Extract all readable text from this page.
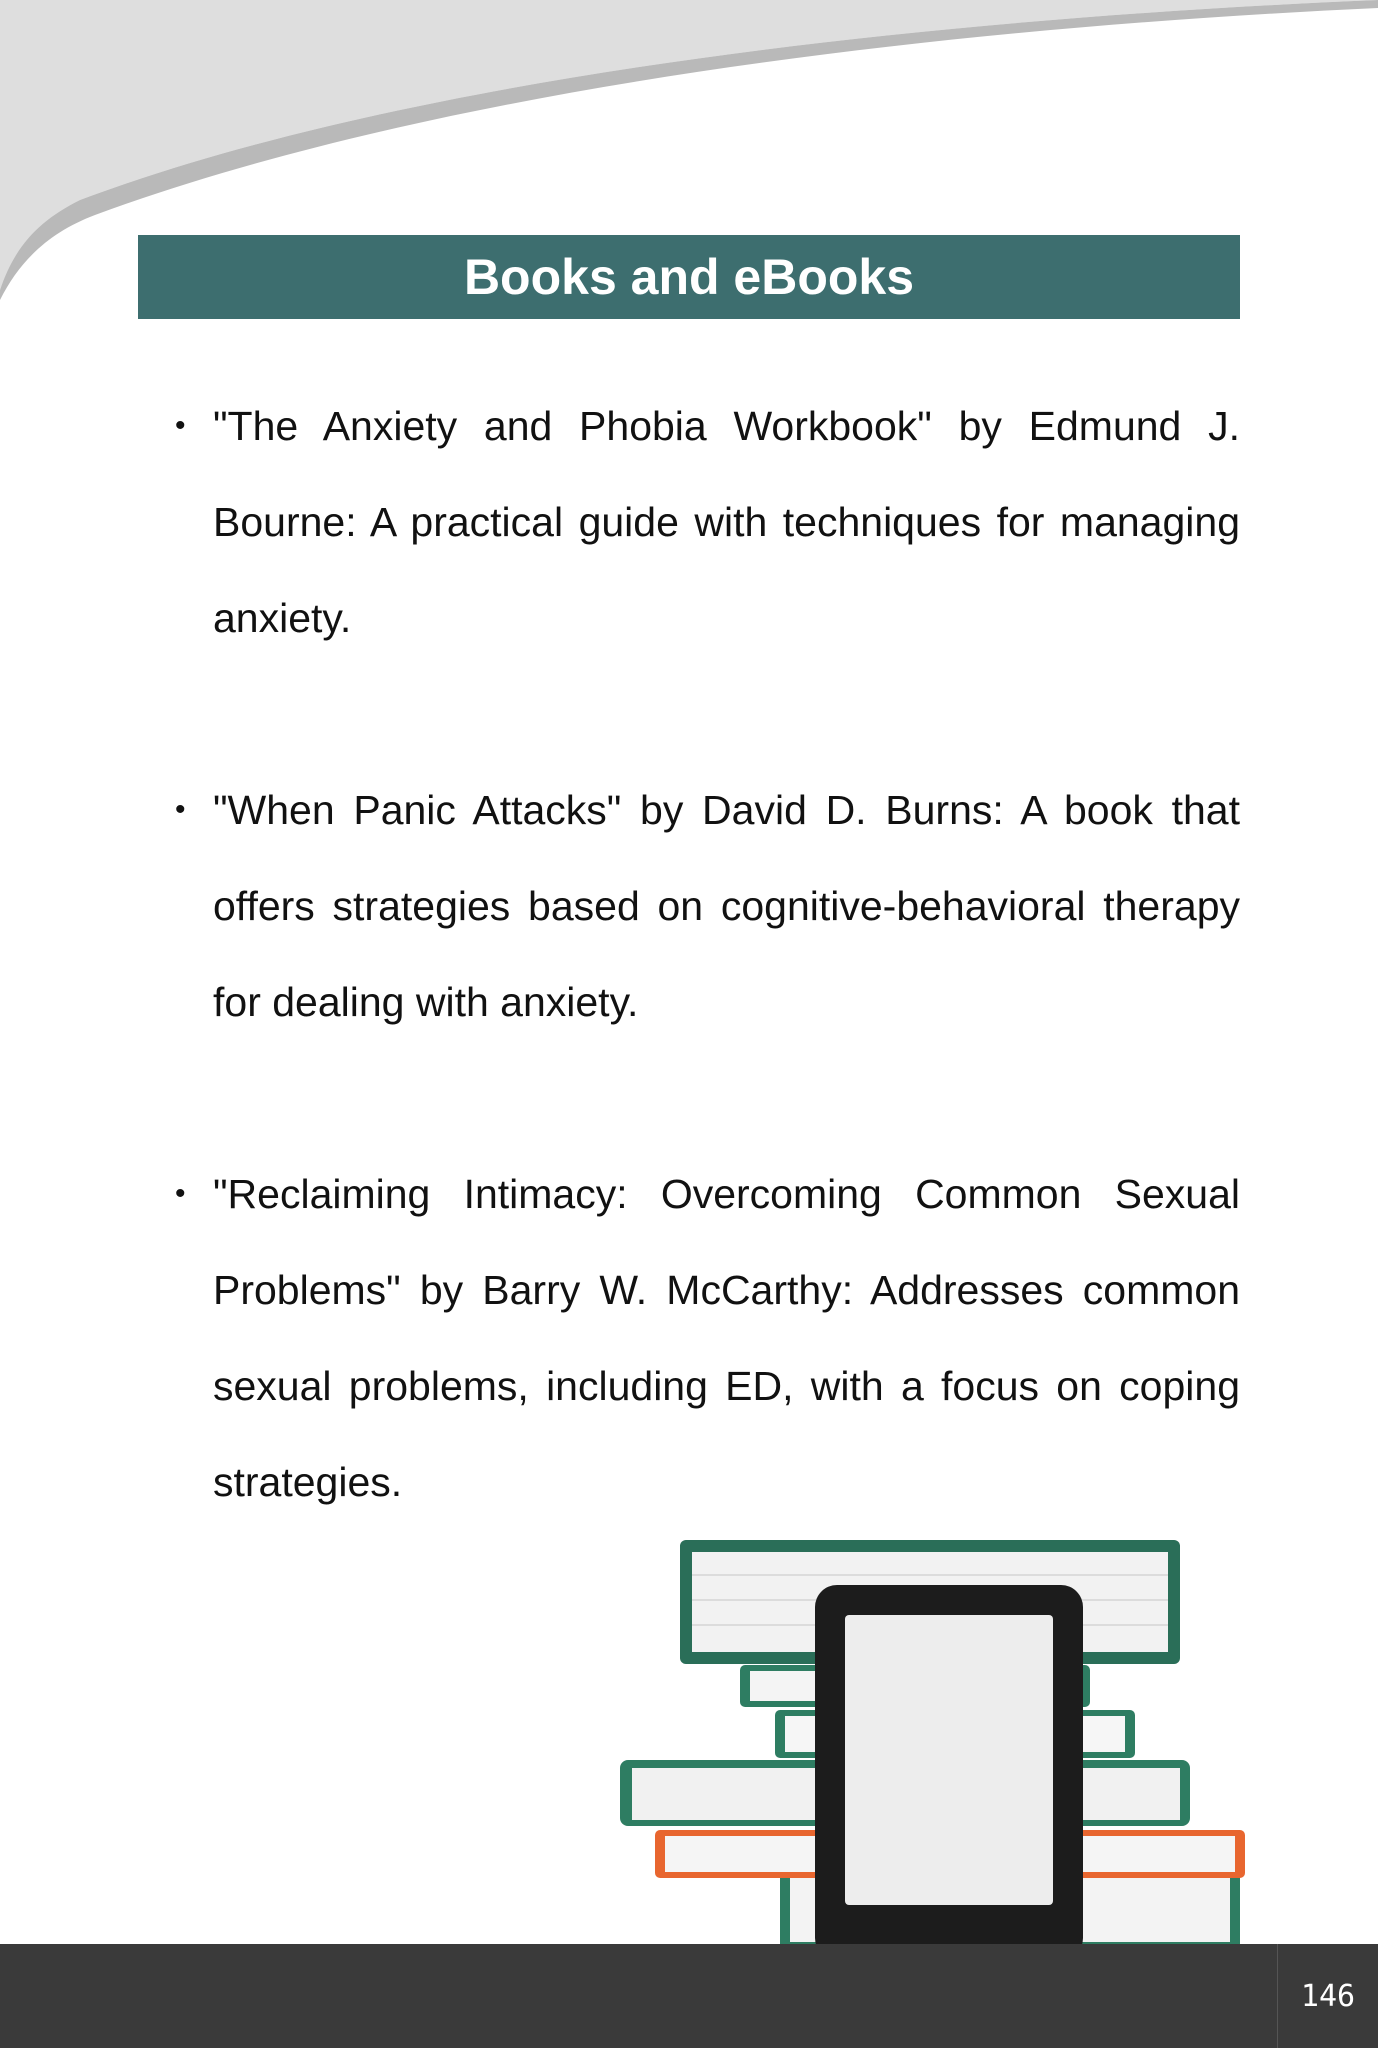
Books and eBooks
• "The Anxiety and Phobia Workbook" by Edmund J. Bourne: A practical guide with techniques for managing anxiety.
• "When Panic Attacks" by David D. Burns: A book that offers strategies based on cognitive-behavioral therapy for dealing with anxiety.
• "Reclaiming Intimacy: Overcoming Common Sexual Problems" by Barry W. McCarthy: Addresses common sexual problems, including ED, with a focus on coping strategies.
146
